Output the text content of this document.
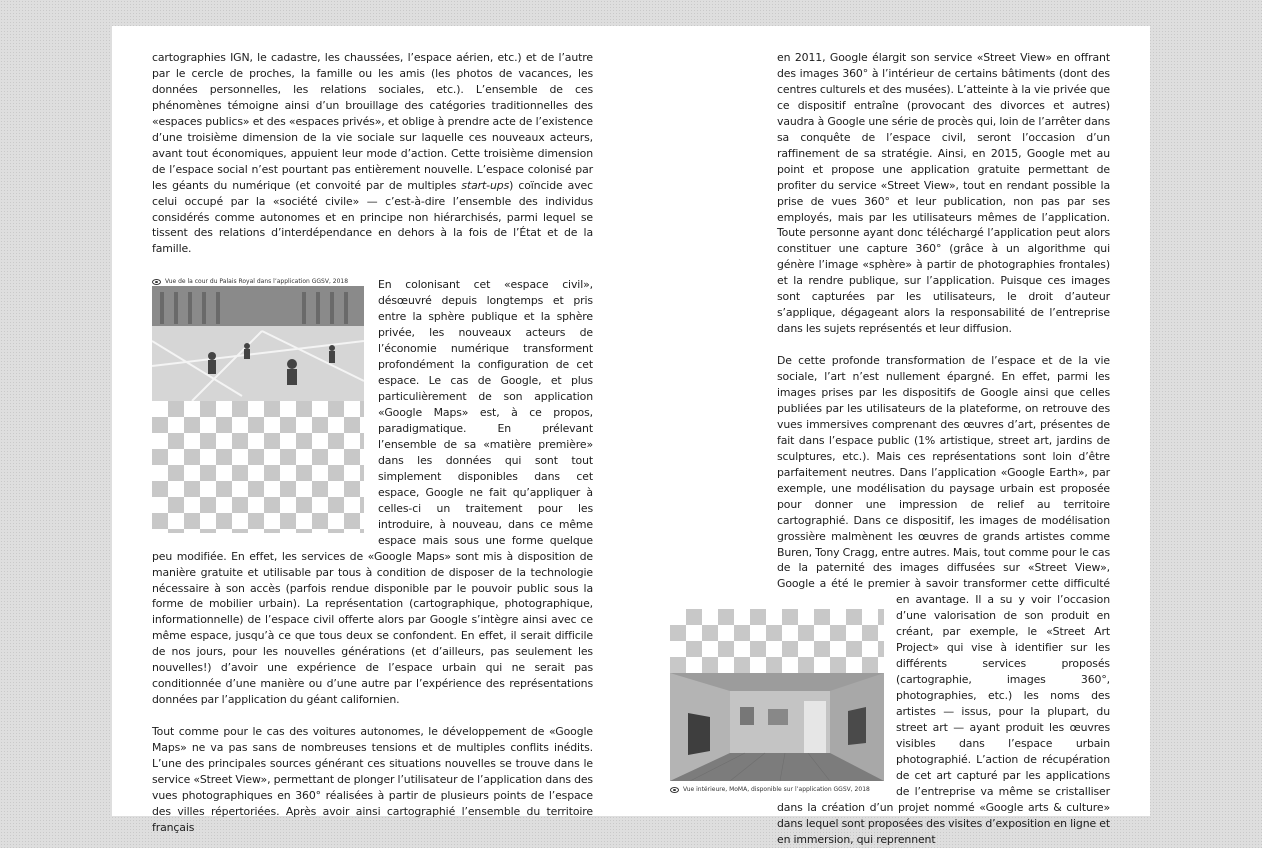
cartographies IGN, le cadastre, les chaussées, l’espace aérien, etc.) et de l’autre par le cercle de proches, la famille ou les amis (les photos de vacances, les données personnelles, les relations sociales, etc.). L’ensemble de ces phénomènes témoigne ainsi d’un brouillage des catégories traditionnelles des «espaces publics» et des «espaces privés», et oblige à prendre acte de l’existence d’une troisième dimension de la vie sociale sur laquelle ces nouveaux acteurs, avant tout économiques, appuient leur mode d’action. Cette troisième dimension de l’espace social n’est pourtant pas entièrement nouvelle. L’espace colonisé par les géants du numérique (et convoité par de multiples start-ups) coïncide avec celui occupé par la «société civile» — c’est-à-dire l’ensemble des individus considérés comme autonomes et en principe non hiérarchisés, parmi lequel se tissent des relations d’interdépendance en dehors à la fois de l’État et de la famille.

Vue de la cour du Palais Royal dans l’application GGSV, 2018	En colonisant cet «espace civil», désœuvré depuis longtemps et pris entre la sphère publique et la sphère privée, les nouveaux acteurs de l’économie numérique transforment profondément la configuration de cet espace. Le cas de Google, et plus particulièrement de son application «Google Maps» est, à ce propos, paradigmatique. En prélevant l’ensemble de sa «matière première» dans les données qui sont tout simplement disponibles dans cet espace, Google ne fait qu’appliquer à celles-ci un traitement pour les introduire, à nouveau, dans ce même espace mais sous une forme quelque peu modifiée. En effet, les services de «Google Maps» sont mis à disposition de manière gratuite et utilisable par tous à condition de disposer de la technologie nécessaire à son accès (parfois rendue disponible par le pouvoir public sous la forme de mobilier urbain). La représentation (cartographique, photographique, informationnelle) de l’espace civil offerte alors par Google s’intègre ainsi avec ce même espace, jusqu’à ce que tous deux se confondent. En effet, il serait difficile de nos jours, pour les nouvelles générations (et d’ailleurs, pas seulement les nouvelles!) d’avoir une expérience de l’espace urbain qui ne serait pas conditionnée d’une manière ou d’une autre par l’expérience des représentations données par l’application du géant californien.

Tout comme pour le cas des voitures autonomes, le développement de «Google Maps» ne va pas sans de nombreuses tensions et de multiples conflits inédits. L’une des principales sources générant ces situations nouvelles se trouve dans le service «Street View», permettant de plonger l’utilisateur de l’application dans des vues photographiques en 360° réalisées à partir de plusieurs points de l’espace des villes répertoriées. Après avoir ainsi cartographié l’ensemble du territoire français

en 2011, Google élargit son service «Street View» en offrant des images 360° à l’intérieur de certains bâtiments (dont des centres culturels et des musées). L’atteinte à la vie privée que ce dispositif entraîne (provocant des divorces et autres) vaudra à Google une série de procès qui, loin de l’arrêter dans sa conquête de l’espace civil, seront l’occasion d’un raffinement de sa stratégie. Ainsi, en 2015, Google met au point et propose une application gratuite permettant de profiter du service «Street View», tout en rendant possible la prise de vues 360° et leur publication, non pas par ses employés, mais par les utilisateurs mêmes de l’application. Toute personne ayant donc téléchargé l’application peut alors constituer une capture 360° (grâce à un algorithme qui génère l’image «sphère» à partir de photographies frontales) et la rendre publique, sur l’application. Puisque ces images sont capturées par les utilisateurs, le droit d’auteur s’applique, dégageant alors la responsabilité de l’entreprise dans les sujets représentés et leur diffusion.

Vue intérieure, MoMA, disponible sur l’application GGSV, 2018
De cette profonde transformation de l’espace et de la vie sociale, l’art n’est nullement épargné. En effet, parmi les images prises par les dispositifs de Google ainsi que celles publiées par les utilisateurs de la plateforme, on retrouve des vues immersives comprenant des œuvres d’art, présentes de fait dans l’espace public (1% artistique, street art, jardins de sculptures, etc.). Mais ces représentations sont loin d’être parfaitement neutres. Dans l’application «Google Earth», par exemple, une modélisation du paysage urbain est proposée pour donner une impression de relief au territoire cartographié. Dans ce dispositif, les images de modélisation grossière malmènent les œuvres de grands artistes comme Buren, Tony Cragg, entre autres. Mais, tout comme pour le cas de la paternité des images diffusées sur «Street View», Google a été le premier à savoir transformer cette difficulté en avantage. Il a su y voir l’occasion d’une valorisation de son produit en créant, par exemple, le «Street Art Project» qui vise à identifier sur les différents services proposés (cartographie, images 360°, photographies, etc.) les noms des artistes — issus, pour la plupart, du street art — ayant produit les œuvres visibles dans l’espace urbain photographié. L’action de récupération de cet art capturé par les applications de l’entreprise va même se cristalliser dans la création d’un projet nommé «Google arts & culture» dans lequel sont proposées des visites d’exposition en ligne et en immersion, qui reprennent
